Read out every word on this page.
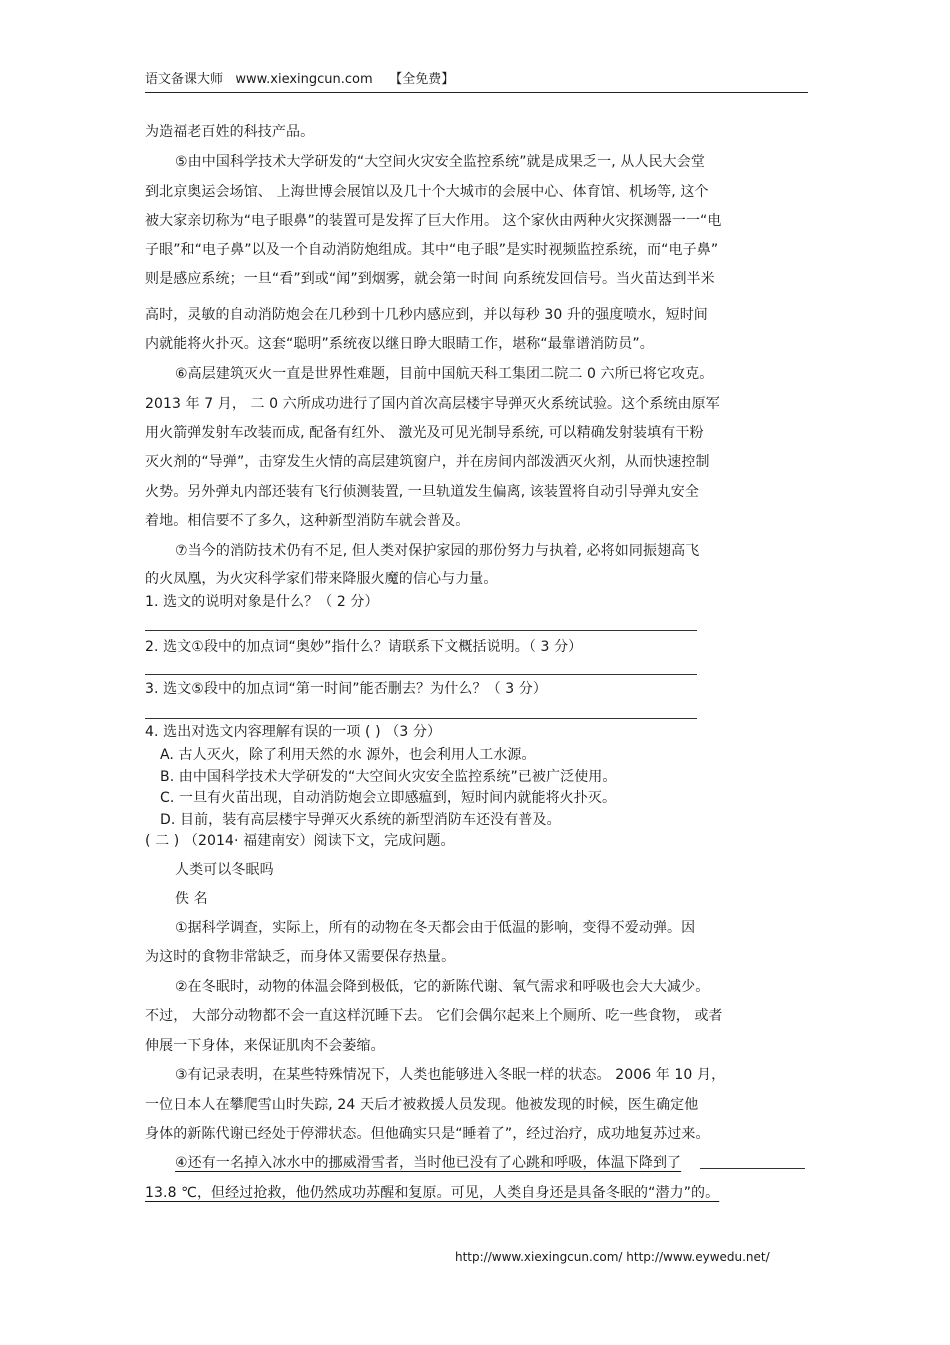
语文备课大师 www.xiexingcun.com 【全免费】
为造福老百姓的科技产品。
⑤由中国科学技术大学研发的“大空间火灾安全监控系统”就是成果乏一, 从人民大会堂
到北京奥运会场馆、 上海世博会展馆以及几十个大城市的会展中心、体育馆、机场等, 这个
被大家亲切称为“电子眼鼻”的装置可是发挥了巨大作用。 这个家伙由两种火灾探测器一一“电
子眼”和“电子鼻”以及一个自动消防炮组成。其中“电子眼”是实时视频监控系统，而“电子鼻”
则是感应系统；一旦“看”到或“闻”到烟雾，就会第一时间 向系统发回信号。当火苗达到半米
高时，灵敏的自动消防炮会在几秒到十几秒内感应到，并以每秒 30 升的强度喷水，短时间
内就能将火扑灭。这套“聪明”系统夜以继日睁大眼睛工作，堪称“最靠谱消防员”。
⑥高层建筑灭火一直是世界性难题，目前中国航天科工集团二院二 0 六所已将它攻克。
2013 年 7 月， 二 0 六所成功进行了国内首次高层楼宇导弹灭火系统试验。这个系统由原军
用火箭弹发射车改装而成, 配备有红外、 激光及可见光制导系统, 可以精确发射装填有干粉
灭火剂的“导弹”，击穿发生火情的高层建筑窗户，并在房间内部泼洒灭火剂，从而快速控制
火势。另外弹丸内部还装有飞行侦测装置, 一旦轨道发生偏离, 该装置将自动引导弹丸安全
着地。相信要不了多久，这种新型消防车就会普及。
⑦当今的消防技术仍有不足, 但人类对保护家园的那份努力与执着, 必将如同振翅高飞
的火凤凰，为火灾科学家们带来降服火魔的信心与力量。
1. 选文的说明对象是什么？（ 2 分）
2. 选文①段中的加点词“奥妙”指什么？请联系下文概括说明。（ 3 分）
3. 选文⑤段中的加点词“第一时间”能否删去？为什么？（ 3 分）
4. 选出对选文内容理解有误的一项 ( ) （3 分）
A. 古人灭火，除了利用天然的水 源外，也会利用人工水源。
B. 由中国科学技术大学研发的“大空间火灾安全监控系统”已被广泛使用。
C. 一旦有火苗出现，自动消防炮会立即感瘟到，短时间内就能将火扑灭。
D. 目前，装有高层楼宇导弹灭火系统的新型消防车还没有普及。
( 二 ) （2014· 福建南安）阅读下文，完成问题。
人类可以冬眠吗
佚 名
①据科学调查，实际上，所有的动物在冬天都会由于低温的影响，变得不爱动弹。因
为这时的食物非常缺乏，而身体又需要保存热量。
②在冬眠时，动物的体温会降到极低，它的新陈代谢、氧气需求和呼吸也会大大减少。
不过， 大部分动物都不会一直这样沉睡下去。 它们会偶尔起来上个厕所、吃一些食物， 或者
伸展一下身体，来保证肌肉不会萎缩。
③有记录表明，在某些特殊情况下，人类也能够进入冬眠一样的状态。 2006 年 10 月，
一位日本人在攀爬雪山时失踪, 24 天后才被救援人员发现。他被发现的时候，医生确定他
身体的新陈代谢已经处于停滞状态。但他确实只是“睡着了”，经过治疗，成功地复苏过来。
④还有一名掉入冰水中的挪威滑雪者，当时他已没有了心跳和呼吸，体温下降到了
13.8 ℃，但经过抢救，他仍然成功苏醒和复原。可见，人类自身还是具备冬眠的“潜力”的。
http://www.xiexingcun.com/ http://www.eywedu.net/
